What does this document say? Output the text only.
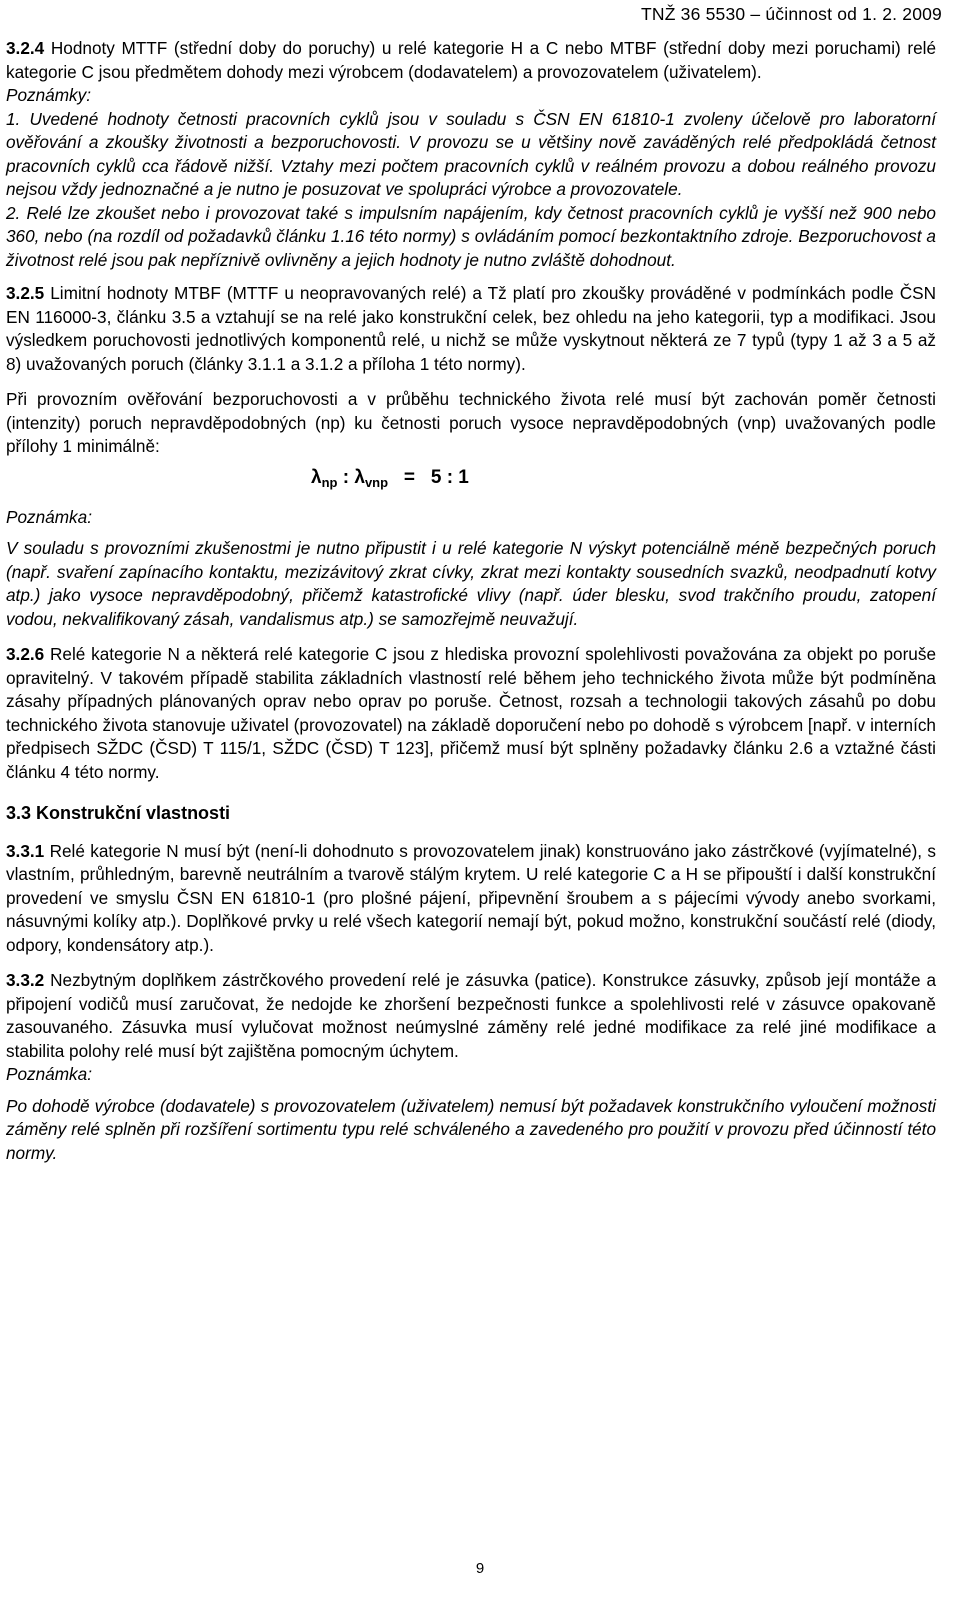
TNŽ 36 5530 – účinnost od 1. 2. 2009

3.2.4 Hodnoty MTTF (střední doby do poruchy) u relé kategorie H a C nebo MTBF (střední doby mezi poruchami) relé kategorie C jsou předmětem dohody mezi výrobcem (dodavatelem) a provozovatelem (uživatelem).

Poznámky:

1. Uvedené hodnoty četnosti pracovních cyklů jsou v souladu s ČSN EN 61810-1 zvoleny účelově pro laboratorní ověřování a zkoušky životnosti a bezporuchovosti. V provozu se u většiny nově zaváděných relé předpokládá četnost pracovních cyklů cca řádově nižší. Vztahy mezi počtem pracovních cyklů v reálném provozu a dobou reálného provozu nejsou vždy jednoznačné a je nutno je posuzovat ve spolupráci výrobce a provozovatele.

2. Relé lze zkoušet nebo i provozovat také s impulsním napájením, kdy četnost pracovních cyklů je vyšší než 900 nebo 360, nebo (na rozdíl od požadavků článku 1.16 této normy) s ovládáním pomocí bezkontaktního zdroje. Bezporuchovost a životnost relé jsou pak nepříznivě ovlivněny a jejich hodnoty je nutno zvláště dohodnout.

3.2.5 Limitní hodnoty MTBF (MTTF u neopravovaných relé) a Tž platí pro zkoušky prováděné v podmínkách podle ČSN EN 116000-3, článku 3.5 a vztahují se na relé jako konstrukční celek, bez ohledu na jeho kategorii, typ a modifikaci. Jsou výsledkem poruchovosti jednotlivých komponentů relé, u nichž se může vyskytnout některá ze 7 typů (typy 1 až 3 a 5 až 8) uvažovaných poruch (články 3.1.1 a 3.1.2 a příloha 1 této normy).

Při provozním ověřování bezporuchovosti a v průběhu technického života relé musí být zachován poměr četnosti (intenzity) poruch nepravděpodobných (np) ku četnosti poruch vysoce nepravděpodobných (vnp) uvažovaných podle přílohy 1 minimálně:

$\lambda_{np}$ : $\lambda_{vnp} = 5$ : 1

Poznámka:

V souladu s provozními zkušenostmi je nutno připustit i u relé kategorie N výskyt potenciálně méně bezpečných poruch (např. svaření zapínacího kontaktu, mezizávitový zkrat cívky, zkrat mezi kontakty sousedních svazků, neodpadnutí kotvy atp.) jako vysoce nepravděpodobný, přičemž katastrofické vlivy (např. úder blesku, svod trakčního proudu, zatopení vodou, nekvalifikovaný zásah, vandalismus atp.) se samozřejmě neuvažují.

3.2.6 Relé kategorie N a některá relé kategorie C jsou z hlediska provozní spolehlivosti považována za objekt po poruše opravitelný. V takovém případě stabilita základních vlastností relé během jeho technického života může být podmíněna zásahy případných plánovaných oprav nebo oprav po poruše. Četnost, rozsah a technologii takových zásahů po dobu technického života stanovuje uživatel (provozovatel) na základě doporučení nebo po dohodě s výrobcem [např. v interních předpisech SŽDC (ČSD) T 115/1, SŽDC (ČSD) T 123], přičemž musí být splněny požadavky článku 2.6 a vztažné části článku 4 této normy.

3.3 Konstrukční vlastnosti

3.3.1 Relé kategorie N musí být (není-li dohodnuto s provozovatelem jinak) konstruováno jako zástrčkové (vyjímatelné), s vlastním, průhledným, barevně neutrálním a tvarově stálým krytem. U relé kategorie C a H se připouští i další konstrukční provedení ve smyslu ČSN EN 61810-1 (pro plošné pájení, připevnění šroubem a s pájecími vývody anebo svorkami, násuvnými kolíky atp.). Doplňkové prvky u relé všech kategorií nemají být, pokud možno, konstrukční součástí relé (diody, odpory, kondensátory atp.).

3.3.2 Nezbytným doplňkem zástrčkového provedení relé je zásuvka (patice). Konstrukce zásuvky, způsob její montáže a připojení vodičů musí zaručovat, že nedojde ke zhoršení bezpečnosti funkce a spolehlivosti relé v zásuvce opakovaně zasouvaného. Zásuvka musí vylučovat možnost neúmyslné záměny relé jedné modifikace za relé jiné modifikace a stabilita polohy relé musí být zajištěna pomocným úchytem.

Poznámka:

Po dohodě výrobce (dodavatele) s provozovatelem (uživatelem) nemusí být požadavek konstrukčního vyloučení možnosti záměny relé splněn při rozšíření sortimentu typu relé schváleného a zavedeného pro použití v provozu před účinností této normy.

9
